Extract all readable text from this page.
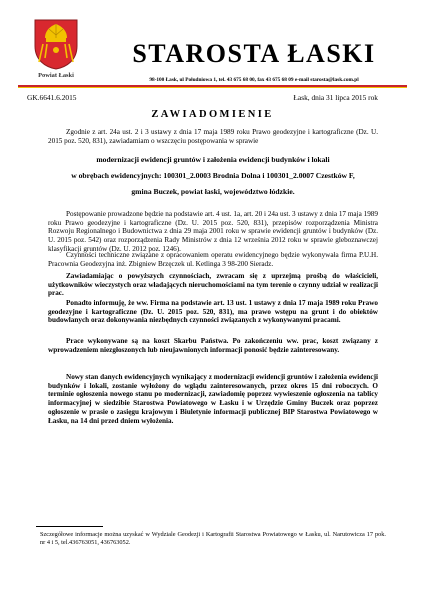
Powiat Łaski
STAROSTA ŁASKI
98-100 Łask, ul Południowa 1, tel. 43 675 68 00, fax 43 675 68 09 e-mail starosta@lask.com.pl
GK.6641.6.2015	Łask, dnia 31 lipca 2015 rok
ZAWIADOMIENIE
Zgodnie z art. 24a ust. 2 i 3 ustawy z dnia 17 maja 1989 roku Prawo geodezyjne i kartograficzne (Dz. U. 2015 poz. 520, 831), zawiadamiam o wszczęciu postępowania w sprawie
modernizacji ewidencji gruntów i założenia ewidencji budynków i lokali
w obrębach ewidencyjnych: 100301_2.0003 Brodnia Dolna i 100301_2.0007 Czestków F,
gmina Buczek, powiat łaski, województwo łódzkie.
Postępowanie prowadzone będzie na podstawie art. 4 ust. 1a, art. 20 i 24a ust. 3 ustawy z dnia 17 maja 1989 roku Prawo geodezyjne i kartograficzne (Dz. U. 2015 poz. 520, 831), przepisów rozporządzenia Ministra Rozwoju Regionalnego i Budownictwa z dnia 29 maja 2001 roku w sprawie ewidencji gruntów i budynków (Dz. U. 2015 poz. 542) oraz rozporządzenia Rady Ministrów z dnia 12 września 2012 roku w sprawie gleboznawczej klasyfikacji gruntów (Dz. U. 2012 poz. 1246).
Czynności techniczne związane z opracowaniem operatu ewidencyjnego będzie wykonywała firma P.U.H. Pracownia Geodezyjna inż. Zbigniew Brzęczek ul. Ketlinga 3 98-200 Sieradz.
Zawiadamiając o powyższych czynnościach, zwracam się z uprzejmą prośbą do właścicieli, użytkowników wieczystych oraz władających nieruchomościami na tym terenie o czynny udział w realizacji prac.
Ponadto informuję, że ww. Firma na podstawie art. 13 ust. 1 ustawy z dnia 17 maja 1989 roku Prawo geodezyjne i kartograficzne (Dz. U. 2015 poz. 520, 831), ma prawo wstępu na grunt i do obiektów budowlanych oraz dokonywania niezbędnych czynności związanych z wykonywanymi pracami.
Prace wykonywane są na koszt Skarbu Państwa. Po zakończeniu ww. prac, koszt związany z wprowadzeniem niezgłoszonych lub nieujawnionych informacji ponosić będzie zainteresowany.
Nowy stan danych ewidencyjnych wynikający z modernizacji ewidencji gruntów i założenia ewidencji budynków i lokali, zostanie wyłożony do wglądu zainteresowanych, przez okres 15 dni roboczych. O terminie ogłoszenia nowego stanu po modernizacji, zawiadomię poprzez wywieszenie ogłoszenia na tablicy informacyjnej w siedzibie Starostwa Powiatowego w Łasku i w Urzędzie Gminy Buczek oraz poprzez ogłoszenie w prasie o zasięgu krajowym i Biuletynie informacji publicznej BIP Starostwa Powiatowego w Łasku, na 14 dni przed dniem wyłożenia.
Szczegółowe informacje można uzyskać w Wydziale Geodezji i Kartografii Starostwa Powiatowego w Łasku, ul. Narutowicza 17 pok. nr 4 i 5, tel.436763051, 436763052.
